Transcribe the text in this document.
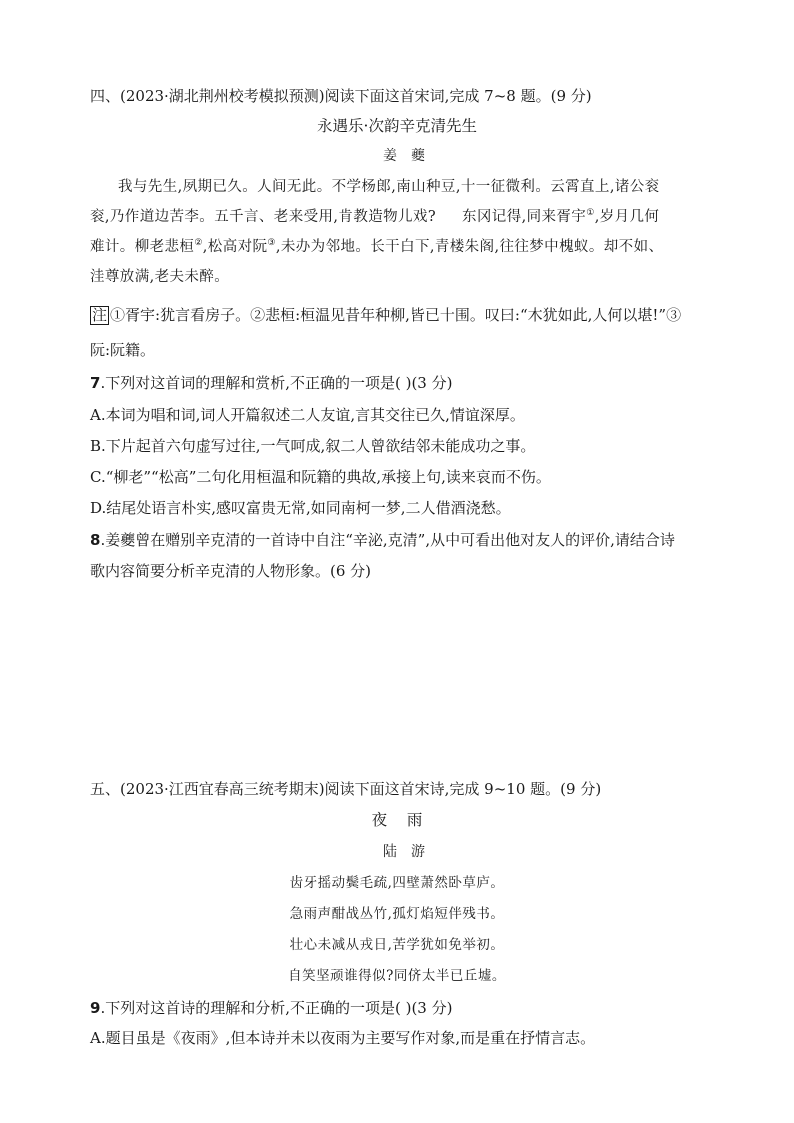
四、(2023·湖北荆州校考模拟预测)阅读下面这首宋词,完成 7~8 题。(9 分)
永遇乐·次韵辛克清先生
姜夔
我与先生,夙期已久。人间无此。不学杨郎,南山种豆,十一征微利。云霄直上,诸公衮
衮,乃作道边苦李。五千言、老来受用,肯教造物儿戏? 东冈记得,同来胥宇①,岁月几何
难计。柳老悲桓②,松高对阮③,未办为邻地。长干白下,青楼朱阁,往往梦中槐蚁。却不如、
洼尊放满,老夫未醉。
注 ①胥宇:犹言看房子。②悲桓:桓温见昔年种柳,皆已十围。叹曰:“木犹如此,人何以堪!”③
阮:阮籍。
7.下列对这首词的理解和赏析,不正确的一项是( )(3 分)
A.本词为唱和词,词人开篇叙述二人友谊,言其交往已久,情谊深厚。
B.下片起首六句虚写过往,一气呵成,叙二人曾欲结邻未能成功之事。
C.“柳老”“松高”二句化用桓温和阮籍的典故,承接上句,读来哀而不伤。
D.结尾处语言朴实,感叹富贵无常,如同南柯一梦,二人借酒浇愁。
8.姜夔曾在赠别辛克清的一首诗中自注“辛泌,克清”,从中可看出他对友人的评价,请结合诗
歌内容简要分析辛克清的人物形象。(6 分)
五、(2023·江西宜春高三统考期末)阅读下面这首宋诗,完成 9~10 题。(9 分)
夜    雨
陆游
齿牙摇动鬓毛疏,四壁萧然卧草庐。
急雨声酣战丛竹,孤灯焰短伴残书。
壮心未减从戎日,苦学犹如免举初。
自笑坚顽谁得似?同侪太半已丘墟。
9.下列对这首诗的理解和分析,不正确的一项是( )(3 分)
A.题目虽是《夜雨》,但本诗并未以夜雨为主要写作对象,而是重在抒情言志。
